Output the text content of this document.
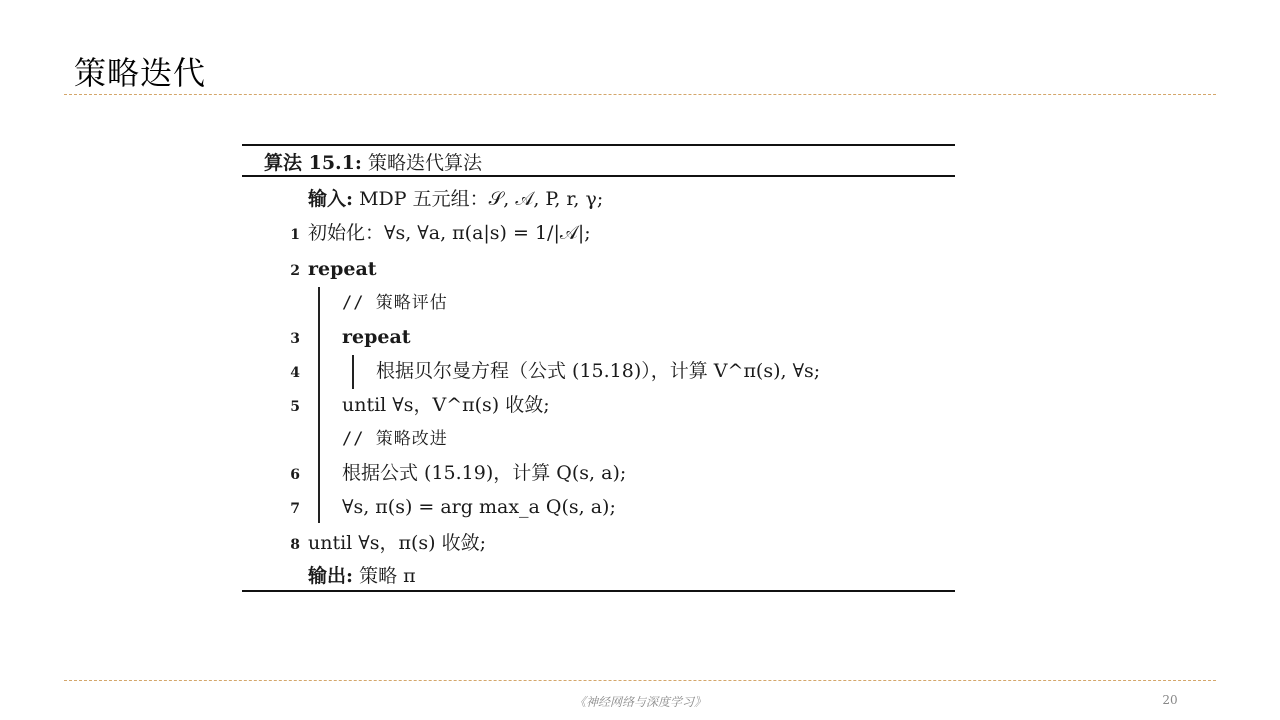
策略迭代
算法 15.1: 策略迭代算法
输入: MDP 五元组：𝒮, 𝒜, P, r, γ;
1 初始化：∀s, ∀a, π(a|s) = 1/|𝒜|;
2 repeat
// 策略评估
3 repeat
4	根据贝尔曼方程（公式 (15.18)），计算 V^π(s), ∀s;
5 until ∀s，V^π(s) 收敛;
// 策略改进
6 根据公式 (15.19)，计算 Q(s, a);
7 ∀s, π(s) = arg max_a Q(s, a);
8 until ∀s，π(s) 收敛;
输出: 策略 π
《神经网络与深度学习》	20
